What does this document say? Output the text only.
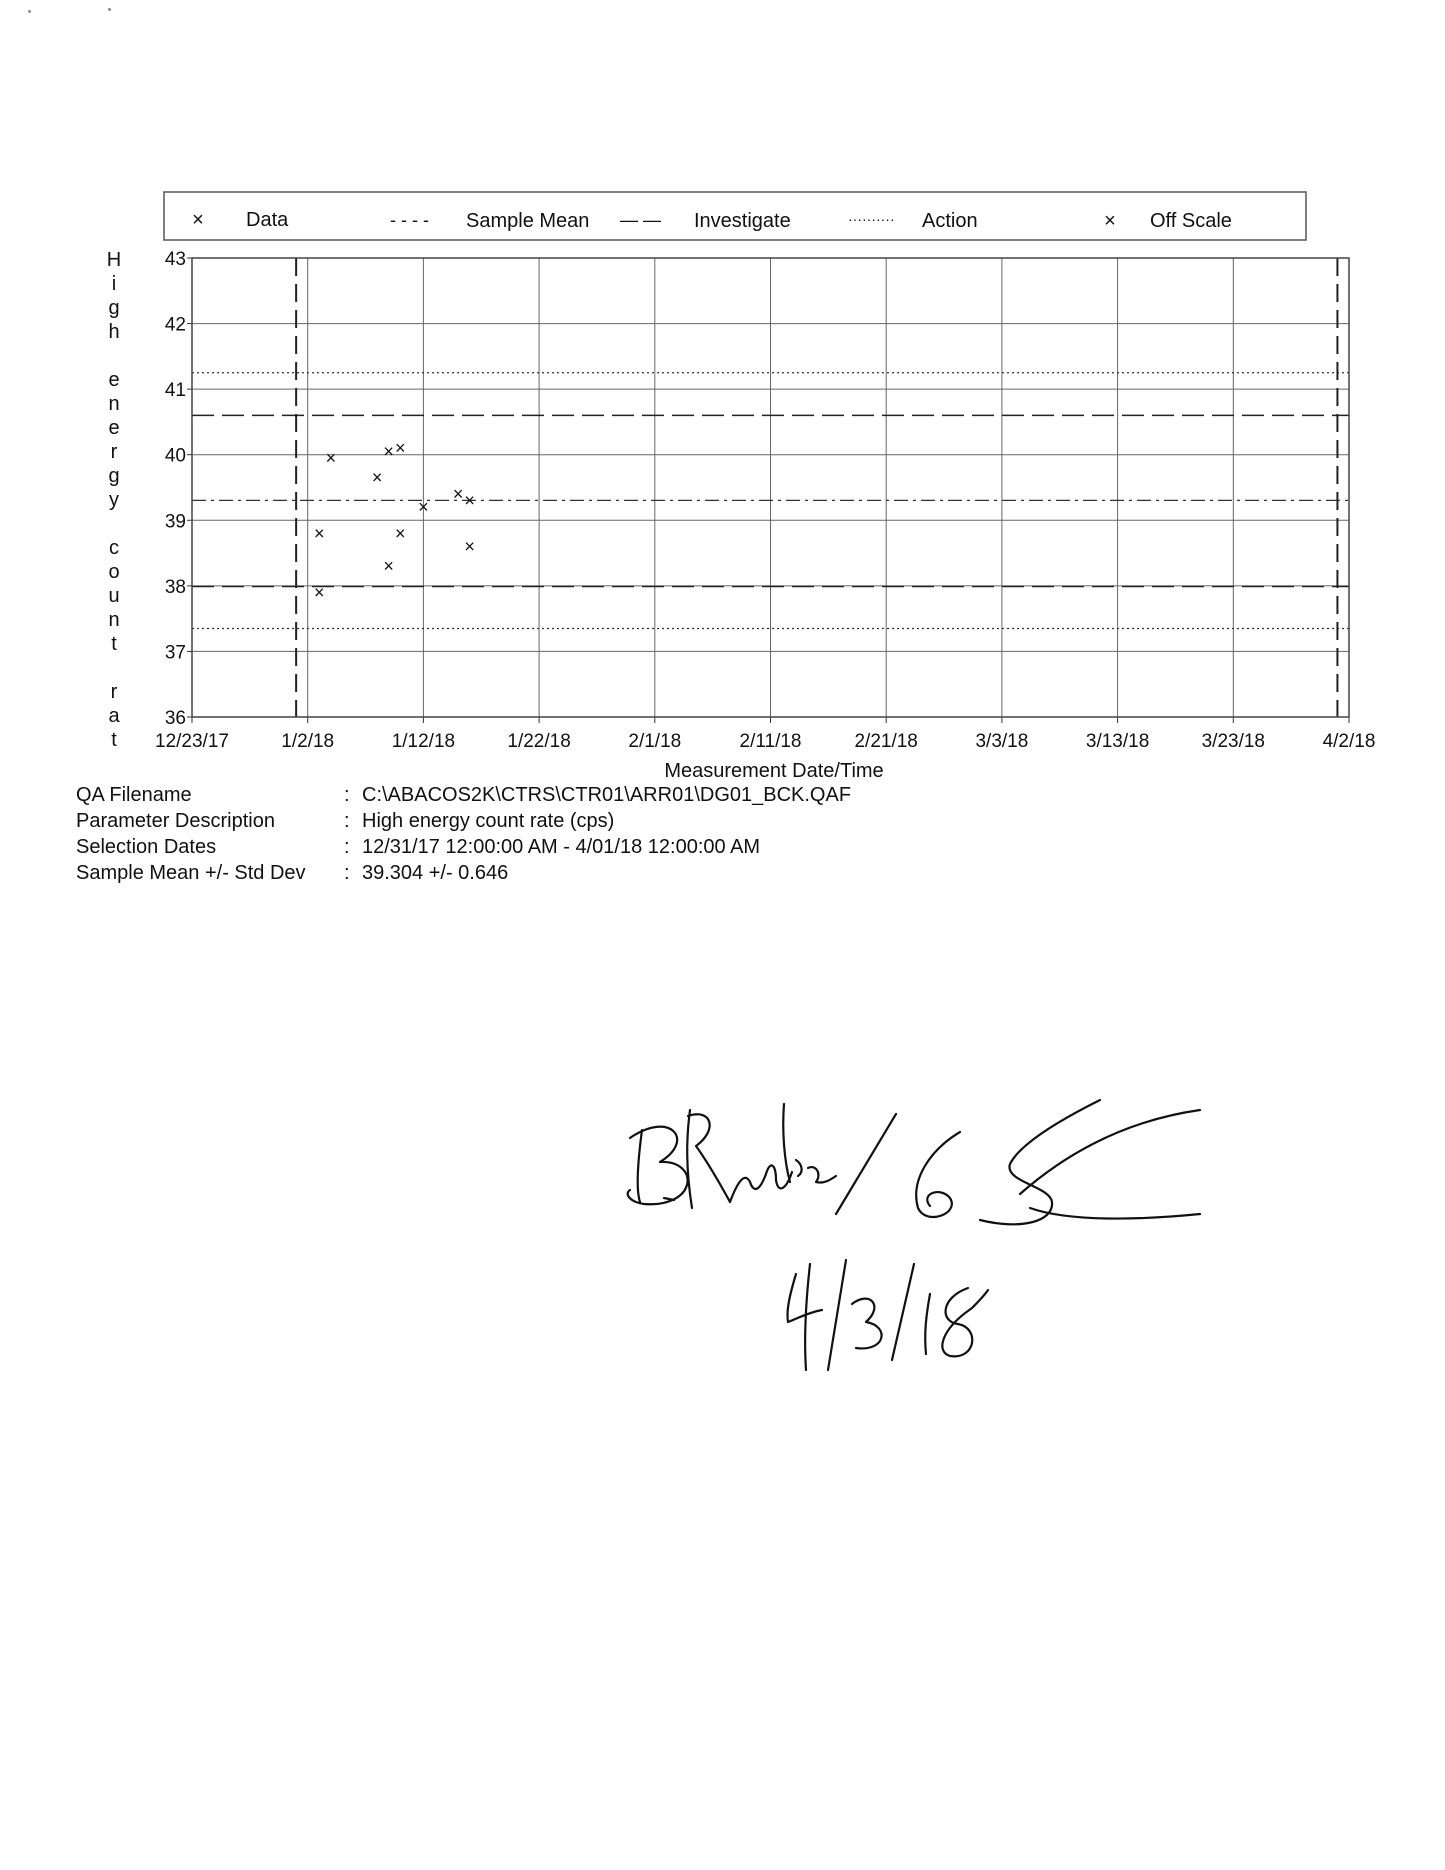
× Data	- - - - Sample Mean — — Investigate	·········· Action	× Off Scale
H
i
g
h
e
n
e
r
g
y
c
o
u
n
t
r
a
t
36
37
38
39
40
41
42
43
12/23/17	1/2/18	1/12/18	1/22/18	2/1/18	2/11/18	2/21/18	3/3/18	3/13/18	3/23/18	4/2/18
×
×
×
×
×
×
×
×
×
× ×
×
Measurement Date/Time
QA Filename	: C:\ABACOS2K\CTRS\CTR01\ARR01\DG01_BCK.QAF
Parameter Description	: High energy count rate (cps)
Selection Dates	: 12/31/17 12:00:00 AM - 4/01/18 12:00:00 AM
Sample Mean +/- Std Dev	: 39.304 +/- 0.646
